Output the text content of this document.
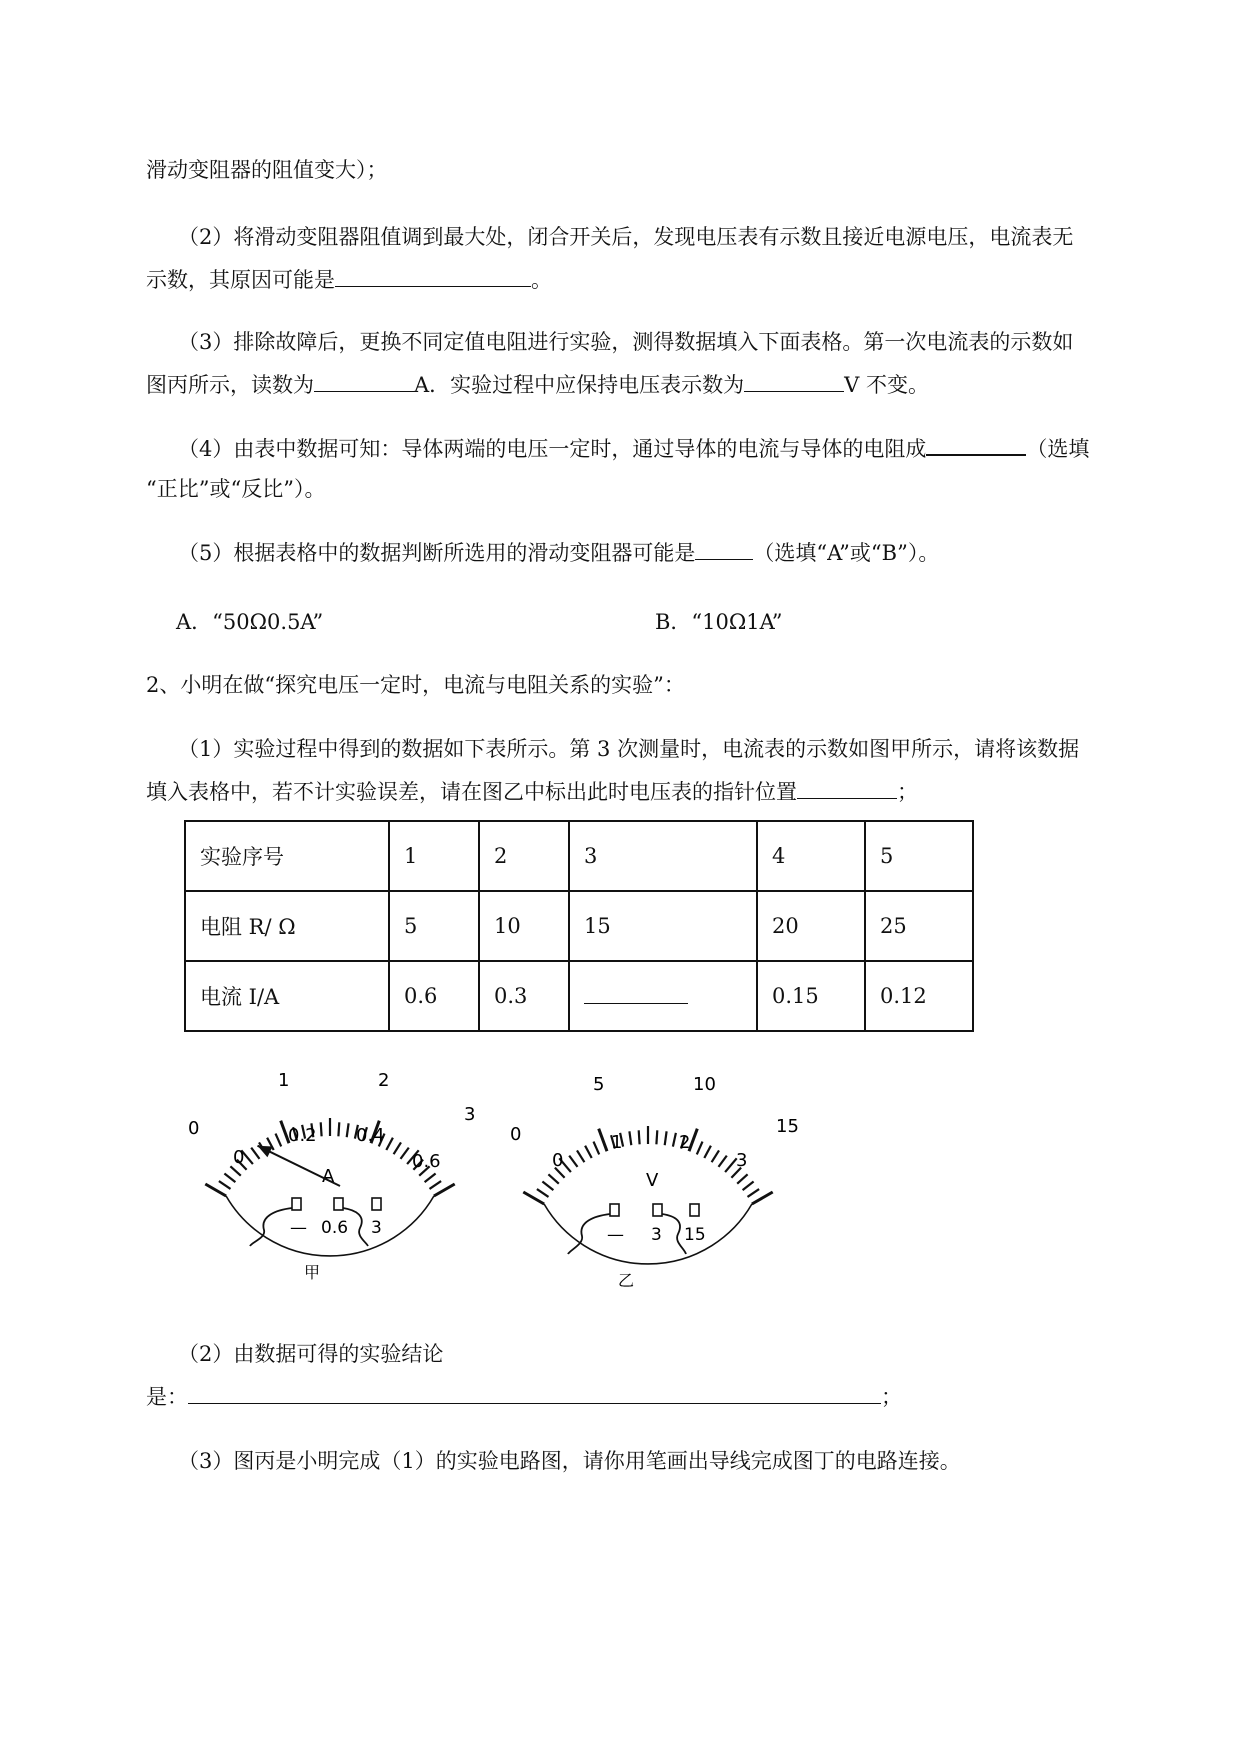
滑动变阻器的阻值变大）；
（2）将滑动变阻器阻值调到最大处，闭合开关后，发现电压表有示数且接近电源电压，电流表无
示数，其原因可能是	。
（3）排除故障后，更换不同定值电阻进行实验，测得数据填入下面表格。第一次电流表的示数如
图丙所示，读数为	A．实验过程中应保持电压表示数为	V 不变。
（4）由表中数据可知：导体两端的电压一定时，通过导体的电流与导体的电阻成	（选填
“正比”或“反比”）。
（5）根据表格中的数据判断所选用的滑动变阻器可能是	（选填“A”或“B”）。
A．“50Ω0.5A”	B．“10Ω1A”
2、小明在做“探究电压一定时，电流与电阻关系的实验”：
（1）实验过程中得到的数据如下表所示。第 3 次测量时，电流表的示数如图甲所示，请将该数据
填入表格中，若不计实验误差，请在图乙中标出此时电压表的指针位置	；
实验序号	1	2	3	4	5
电阻 R/ Ω	5	10	15	20	25
电流 I/A	0.6	0.3		0.15	0.12
0
1	2
3
0
0.2 0.4
0.6
A
— 0.6 3
甲
0
5	10
15
0
1	2
3
V
— 3 15
乙
（2）由数据可得的实验结论
是：	；
（3）图丙是小明完成（1）的实验电路图，请你用笔画出导线完成图丁的电路连接。
